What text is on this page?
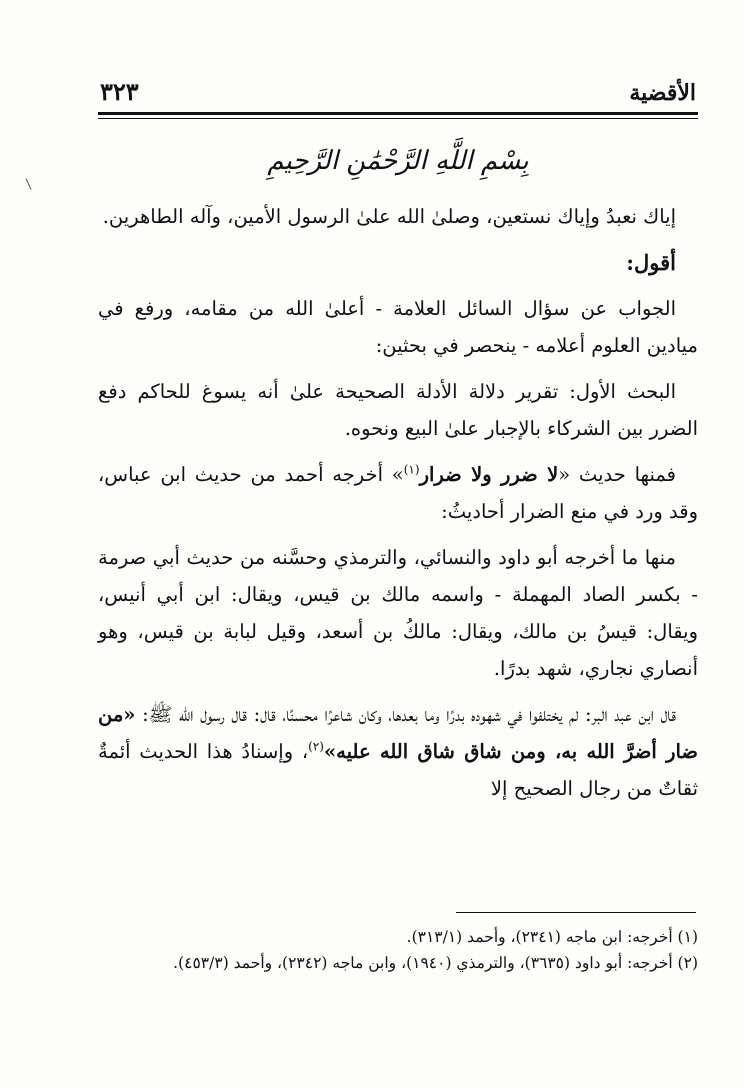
٣٢٣	الأقضية
بِسْمِ اللَّهِ الرَّحْمَٰنِ الرَّحِيمِ

إياك نعبدُ وإياك نستعين، وصلىٰ الله علىٰ الرسول الأمين، وآله الطاهرين.

أقول:

الجواب عن سؤال السائل العلامة - أعلىٰ الله من مقامه، ورفع في ميادين العلوم أعلامه - ينحصر في بحثين:

البحث الأول: تقرير دلالة الأدلة الصحيحة علىٰ أنه يسوغ للحاكم دفع الضرر بين الشركاء بالإجبار علىٰ البيع ونحوه.

فمنها حديث «لا ضرر ولا ضرار$^{(١)}$» أخرجه أحمد من حديث ابن عباس، وقد ورد في منع الضرار أحاديثُ:

منها ما أخرجه أبو داود والنسائي، والترمذي وحسَّنه من حديث أبي صرمة - بكسر الصاد المهملة - واسمه مالك بن قيس، ويقال: ابن أبي أنيس، ويقال: قيسُ بن مالك، ويقال: مالكُ بن أسعد، وقيل لبابة بن قيس، وهو أنصاري نجاري، شهد بدرًا.

قال ابن عبد البر: لم يختلفوا في شهوده بدرًا وما بعدها، وكان شاعرًا محسنًا، قال: قال رسول الله ﷺ: «من ضار أضرَّ الله به، ومن شاق شاق الله عليه»$^{(٢)}$، وإسنادُ هذا الحديث أئمةٌ ثقاتٌ من رجال الصحيح إلا

(١) أخرجه: ابن ماجه (٢٣٤١)، وأحمد (٣١٣/١).

(٢) أخرجه: أبو داود (٣٦٣٥)، والترمذي (١٩٤٠)، وابن ماجه (٢٣٤٢)، وأحمد (٤٥٣/٣).
